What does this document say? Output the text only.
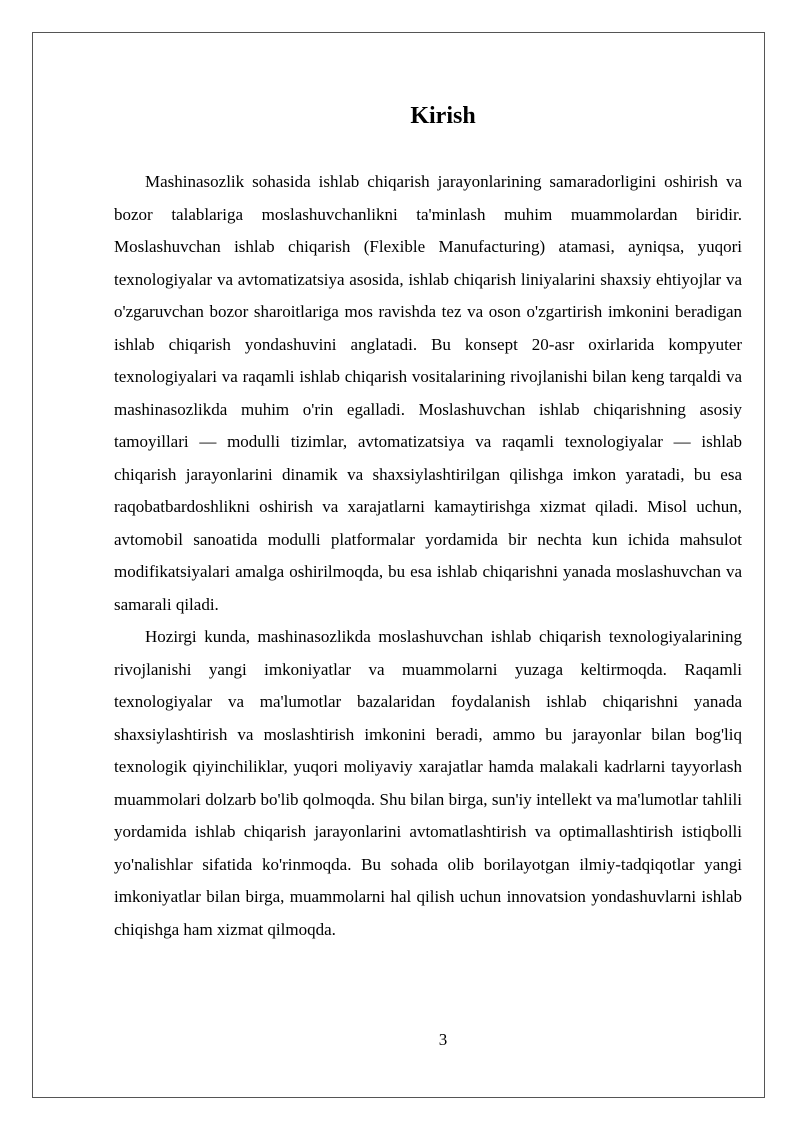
Kirish

Mashinasozlik sohasida ishlab chiqarish jarayonlarining samaradorligini oshirish va bozor talablariga moslashuvchanlikni ta'minlash muhim muammolardan biridir. Moslashuvchan ishlab chiqarish (Flexible Manufacturing) atamasi, ayniqsa, yuqori texnologiyalar va avtomatizatsiya asosida, ishlab chiqarish liniyalarini shaxsiy ehtiyojlar va o'zgaruvchan bozor sharoitlariga mos ravishda tez va oson o'zgartirish imkonini beradigan ishlab chiqarish yondashuvini anglatadi. Bu konsept 20-asr oxirlarida kompyuter texnologiyalari va raqamli ishlab chiqarish vositalarining rivojlanishi bilan keng tarqaldi va mashinasozlikda muhim o'rin egalladi. Moslashuvchan ishlab chiqarishning asosiy tamoyillari — modulli tizimlar, avtomatizatsiya va raqamli texnologiyalar — ishlab chiqarish jarayonlarini dinamik va shaxsiylashtirilgan qilishga imkon yaratadi, bu esa raqobatbardoshlikni oshirish va xarajatlarni kamaytirishga xizmat qiladi. Misol uchun, avtomobil sanoatida modulli platformalar yordamida bir nechta kun ichida mahsulot modifikatsiyalari amalga oshirilmoqda, bu esa ishlab chiqarishni yanada moslashuvchan va samarali qiladi.

Hozirgi kunda, mashinasozlikda moslashuvchan ishlab chiqarish texnologiyalarining rivojlanishi yangi imkoniyatlar va muammolarni yuzaga keltirmoqda. Raqamli texnologiyalar va ma'lumotlar bazalaridan foydalanish ishlab chiqarishni yanada shaxsiylashtirish va moslashtirish imkonini beradi, ammo bu jarayonlar bilan bog'liq texnologik qiyinchiliklar, yuqori moliyaviy xarajatlar hamda malakali kadrlarni tayyorlash muammolari dolzarb bo'lib qolmoqda. Shu bilan birga, sun'iy intellekt va ma'lumotlar tahlili yordamida ishlab chiqarish jarayonlarini avtomatlashtirish va optimallashtirish istiqbolli yo'nalishlar sifatida ko'rinmoqda. Bu sohada olib borilayotgan ilmiy-tadqiqotlar yangi imkoniyatlar bilan birga, muammolarni hal qilish uchun innovatsion yondashuvlarni ishlab chiqishga ham xizmat qilmoqda.

3
